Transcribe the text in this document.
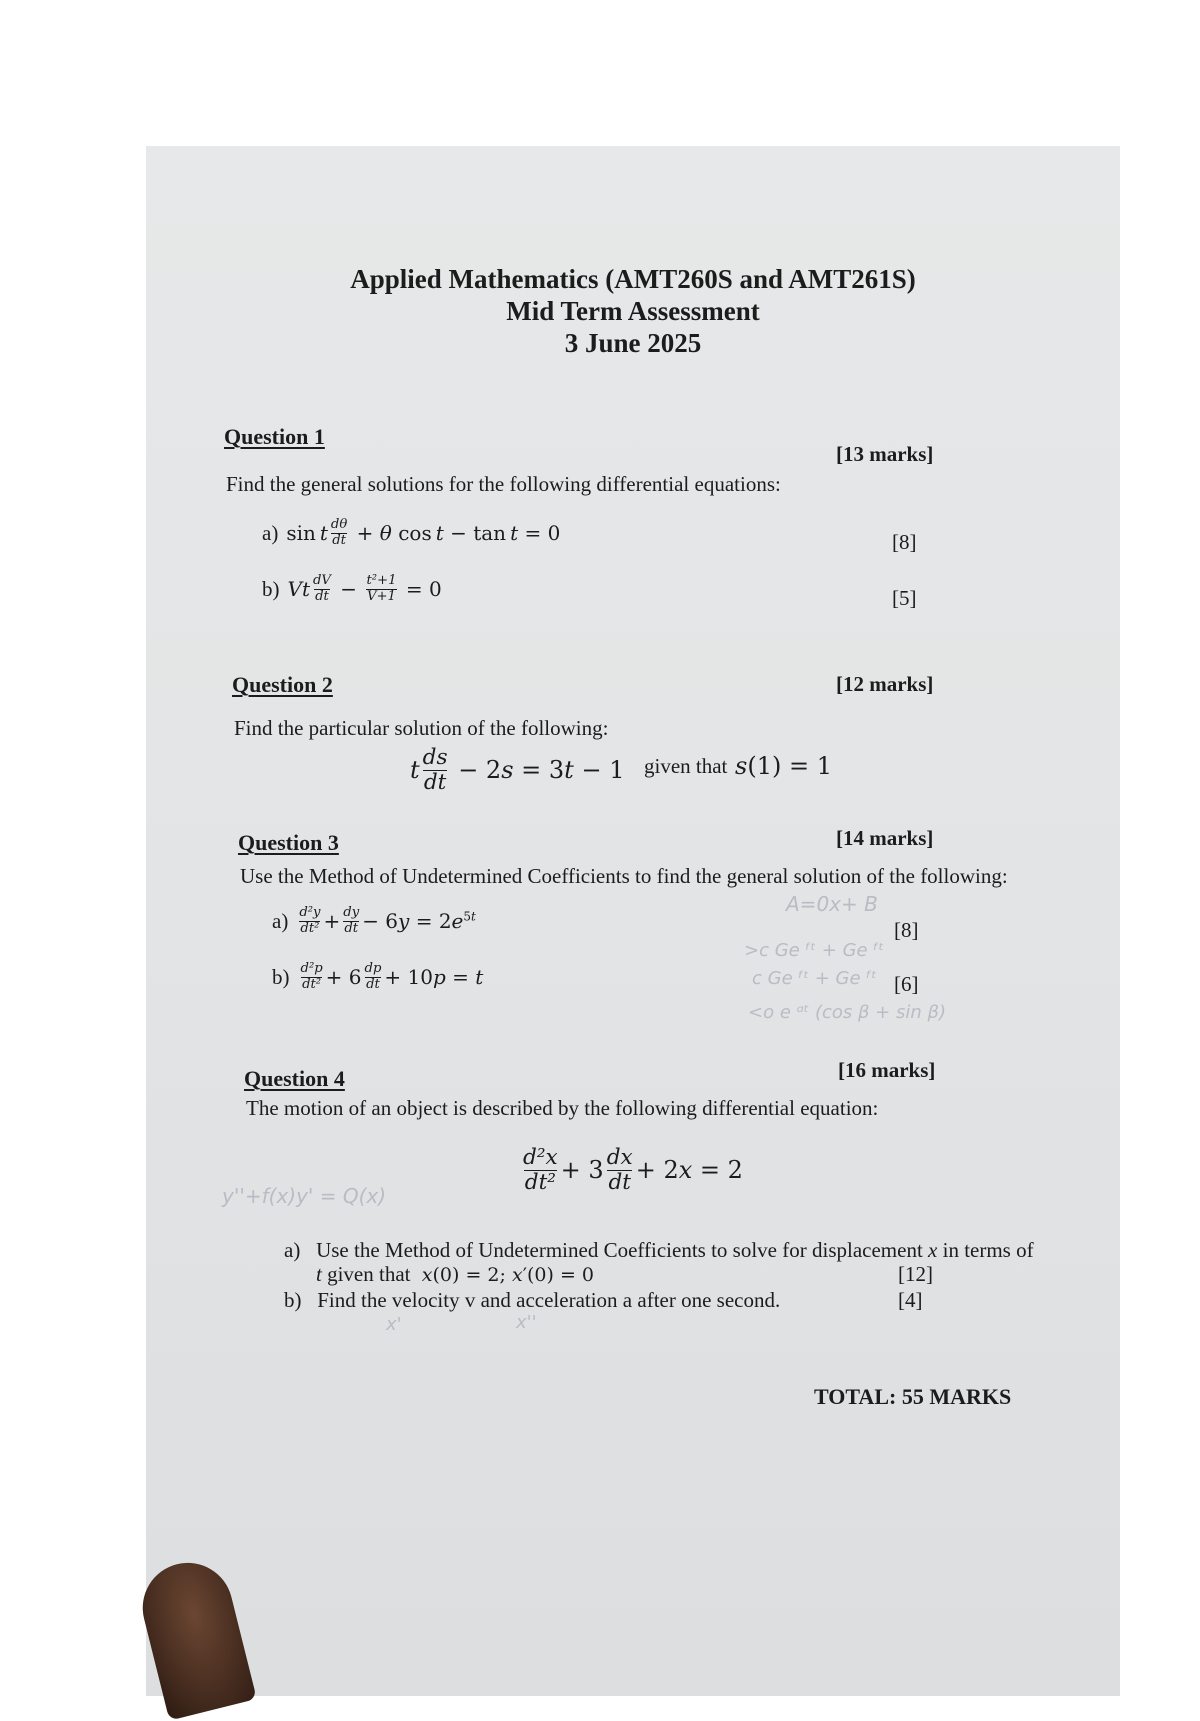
Applied Mathematics (AMT260S and AMT261S)
Mid Term Assessment
3 June 2025
Question 1
[13 marks]
Find the general solutions for the following differential equations:
a) sin t $\frac{d\theta}{dt} + \theta$ cos t − tan t = 0	[8]
b) Vt $\frac{dV}{dt} - \frac{\text{t²+1}}{V+1} = 0$	[5]
Question 2	[12 marks]
Find the particular solution of the following:
t $\frac{ds}{dt} - 2s = 3t - 1$ given that s(1) = 1
Question 3	[14 marks]
Use the Method of Undetermined Coefficients to find the general solution of the following:
$a) \frac{\text{d²y}}{\text{dt²}} + \frac{dy}{dt} - 6y = 2e^{5t}$
[8]
$b) \frac{\text{d²p}}{\text{dt²}} + 6 \frac{dp}{dt} + 10p = t$	[6]
A=0x+ B
>c Ge ᶠᵗ + Ge ᶠᵗ
c Ge ᶠᵗ + Ge ᶠᵗ
<o e ᵅᵗ (cos β + sin β)
Question 4	[16 marks]
The motion of an object is described by the following differential equation:
y''+f(x)y' = Q(x)
$\frac{\text{d²x}}{\text{dt²}} + 3 \frac{dx}{dt} + 2x = 2$
a) Use the Method of Undetermined Coefficients to solve for displacement x in terms of
t given that x(0) = 2; x′(0) = 0	[12]
b) Find the velocity v and acceleration a after one second.	[4]
x'	x''
TOTAL: 55 MARKS
